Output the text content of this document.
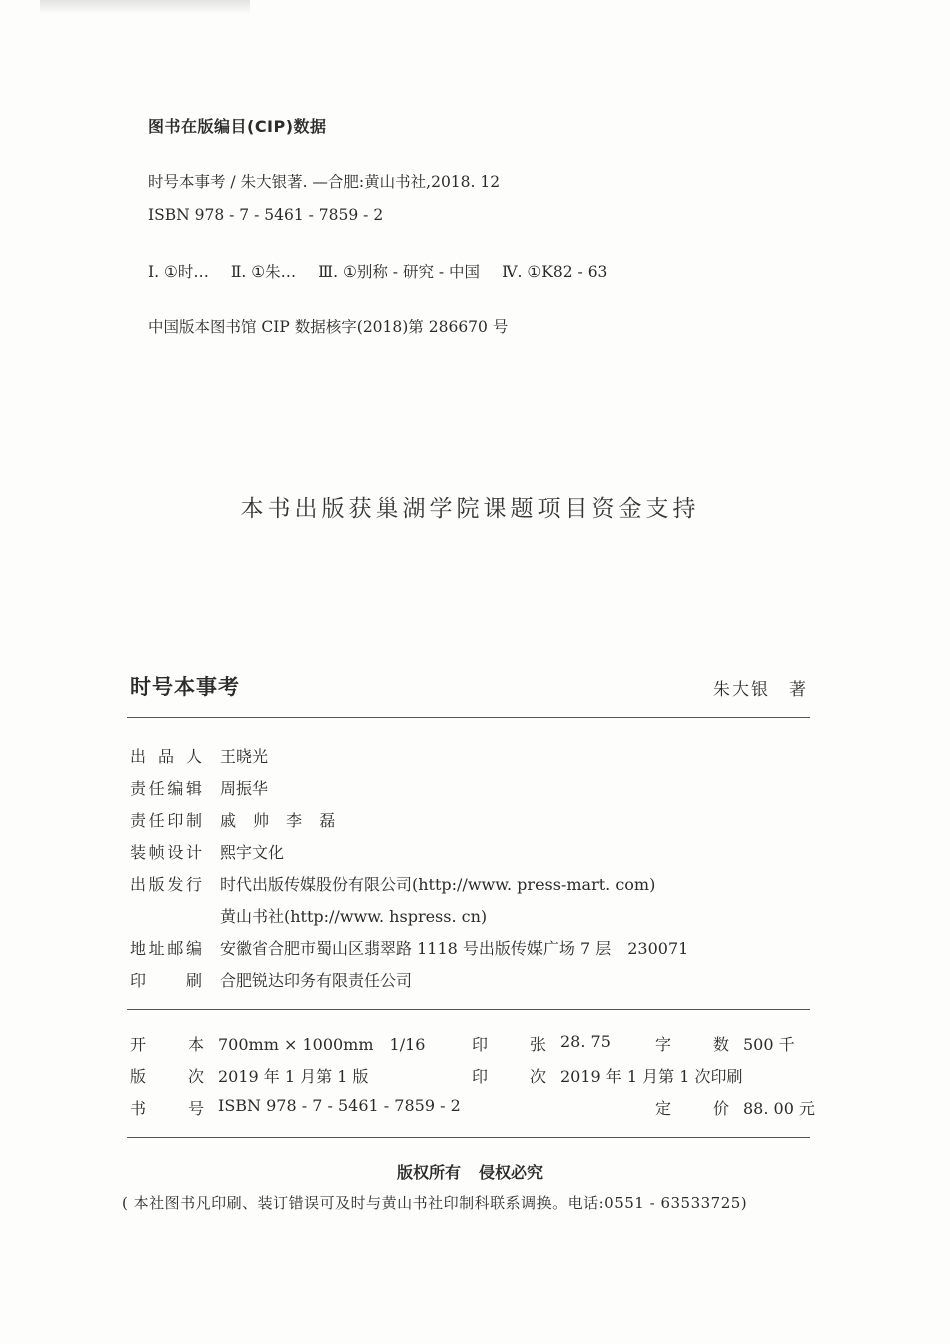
图书在版编目(CIP)数据
时号本事考 / 朱大银著. —合肥:黄山书社,2018. 12
ISBN 978 - 7 - 5461 - 7859 - 2
Ⅰ. ①时… Ⅱ. ①朱… Ⅲ. ①别称 - 研究 - 中国 Ⅳ. ①K82 - 63
中国版本图书馆 CIP 数据核字(2018)第 286670 号
本书出版获巢湖学院课题项目资金支持
时号本事考	朱大银　著
出 品 人 王晓光
责 任 编 辑 周振华
责 任 印 制 戚 帅 李 磊
装 帧 设 计 熙宇文化
出 版 发 行 时代出版传媒股份有限公司(http://www. press-mart. com)
黄山书社(http://www. hspress. cn)
地 址 邮 编 安徽省合肥市蜀山区翡翠路 1118 号出版传媒广场 7 层　230071
印 刷 合肥锐达印务有限责任公司
开	本 700mm × 1000mm　1/16	印	张 28. 75	字	数 500 千
版	次 2019 年 1 月第 1 版	印	次 2019 年 1 月第 1 次印刷
书	号 ISBN 978 - 7 - 5461 - 7859 - 2	定	价 88. 00 元
版权所有 侵权必究
( 本社图书凡印刷、装订错误可及时与黄山书社印制科联系调换。电话:0551 - 63533725)
